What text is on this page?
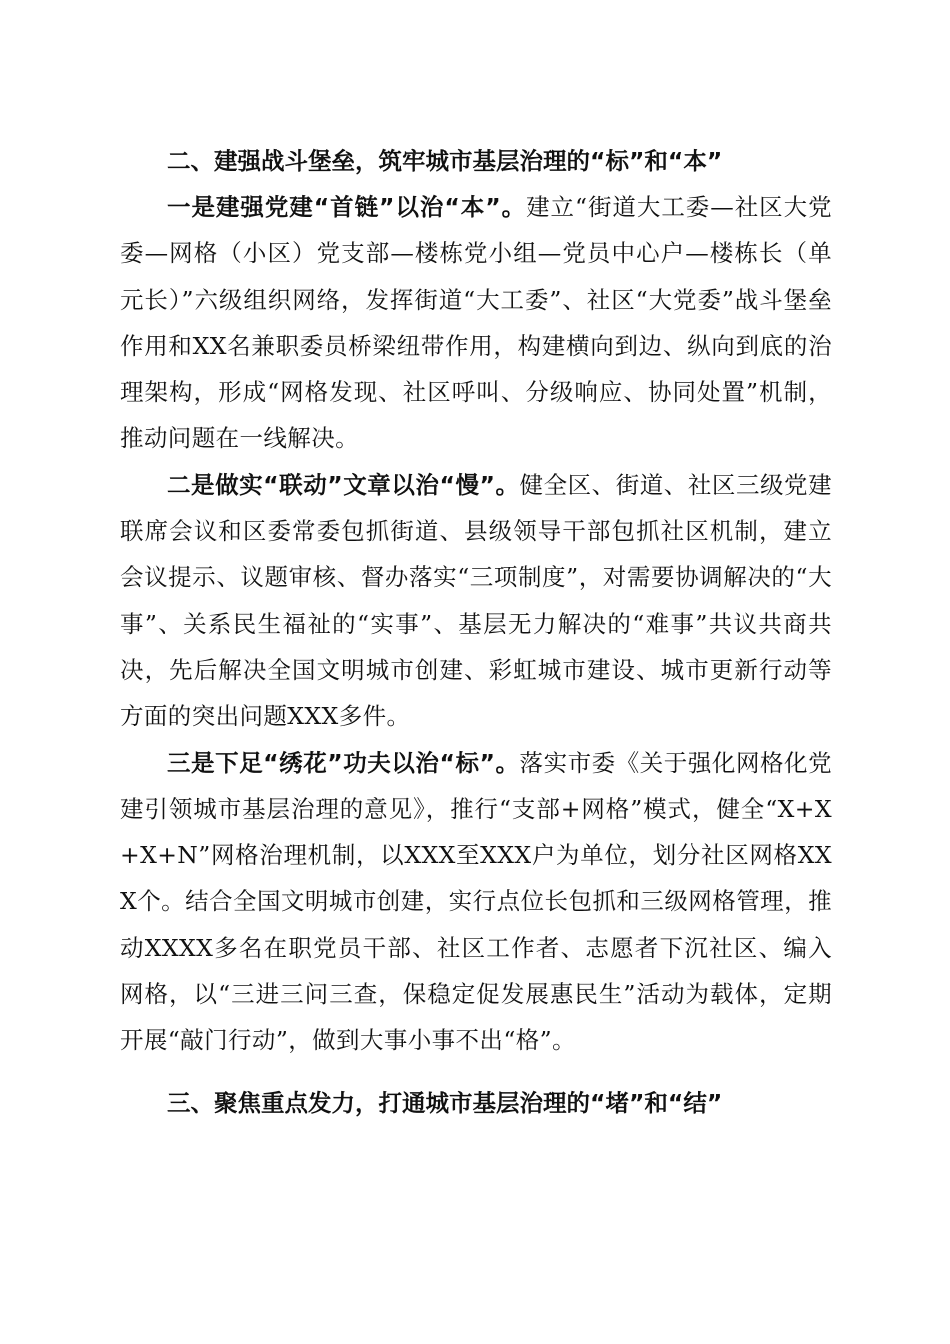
二、建强战斗堡垒，筑牢城市基层治理的“标”和“本”

一是建强党建“首链”以治“本”。建立“街道大工委—社区大党委—网格（小区）党支部—楼栋党小组—党员中心户—楼栋长（单元长）”六级组织网络，发挥街道“大工委”、社区“大党委”战斗堡垒作用和XX名兼职委员桥梁纽带作用，构建横向到边、纵向到底的治理架构，形成“网格发现、社区呼叫、分级响应、协同处置”机制，推动问题在一线解决。

二是做实“联动”文章以治“慢”。健全区、街道、社区三级党建联席会议和区委常委包抓街道、县级领导干部包抓社区机制，建立会议提示、议题审核、督办落实“三项制度”，对需要协调解决的“大事”、关系民生福祉的“实事”、基层无力解决的“难事”共议共商共决，先后解决全国文明城市创建、彩虹城市建设、城市更新行动等方面的突出问题XXX多件。

三是下足“绣花”功夫以治“标”。落实市委《关于强化网格化党建引领城市基层治理的意见》，推行“支部+网格”模式，健全“X+X+X+N”网格治理机制，以XXX至XXX户为单位，划分社区网格XXX个。结合全国文明城市创建，实行点位长包抓和三级网格管理，推动XXXX多名在职党员干部、社区工作者、志愿者下沉社区、编入网格，以“三进三问三查，保稳定促发展惠民生”活动为载体，定期开展“敲门行动”，做到大事小事不出“格”。

三、聚焦重点发力，打通城市基层治理的“堵”和“结”
